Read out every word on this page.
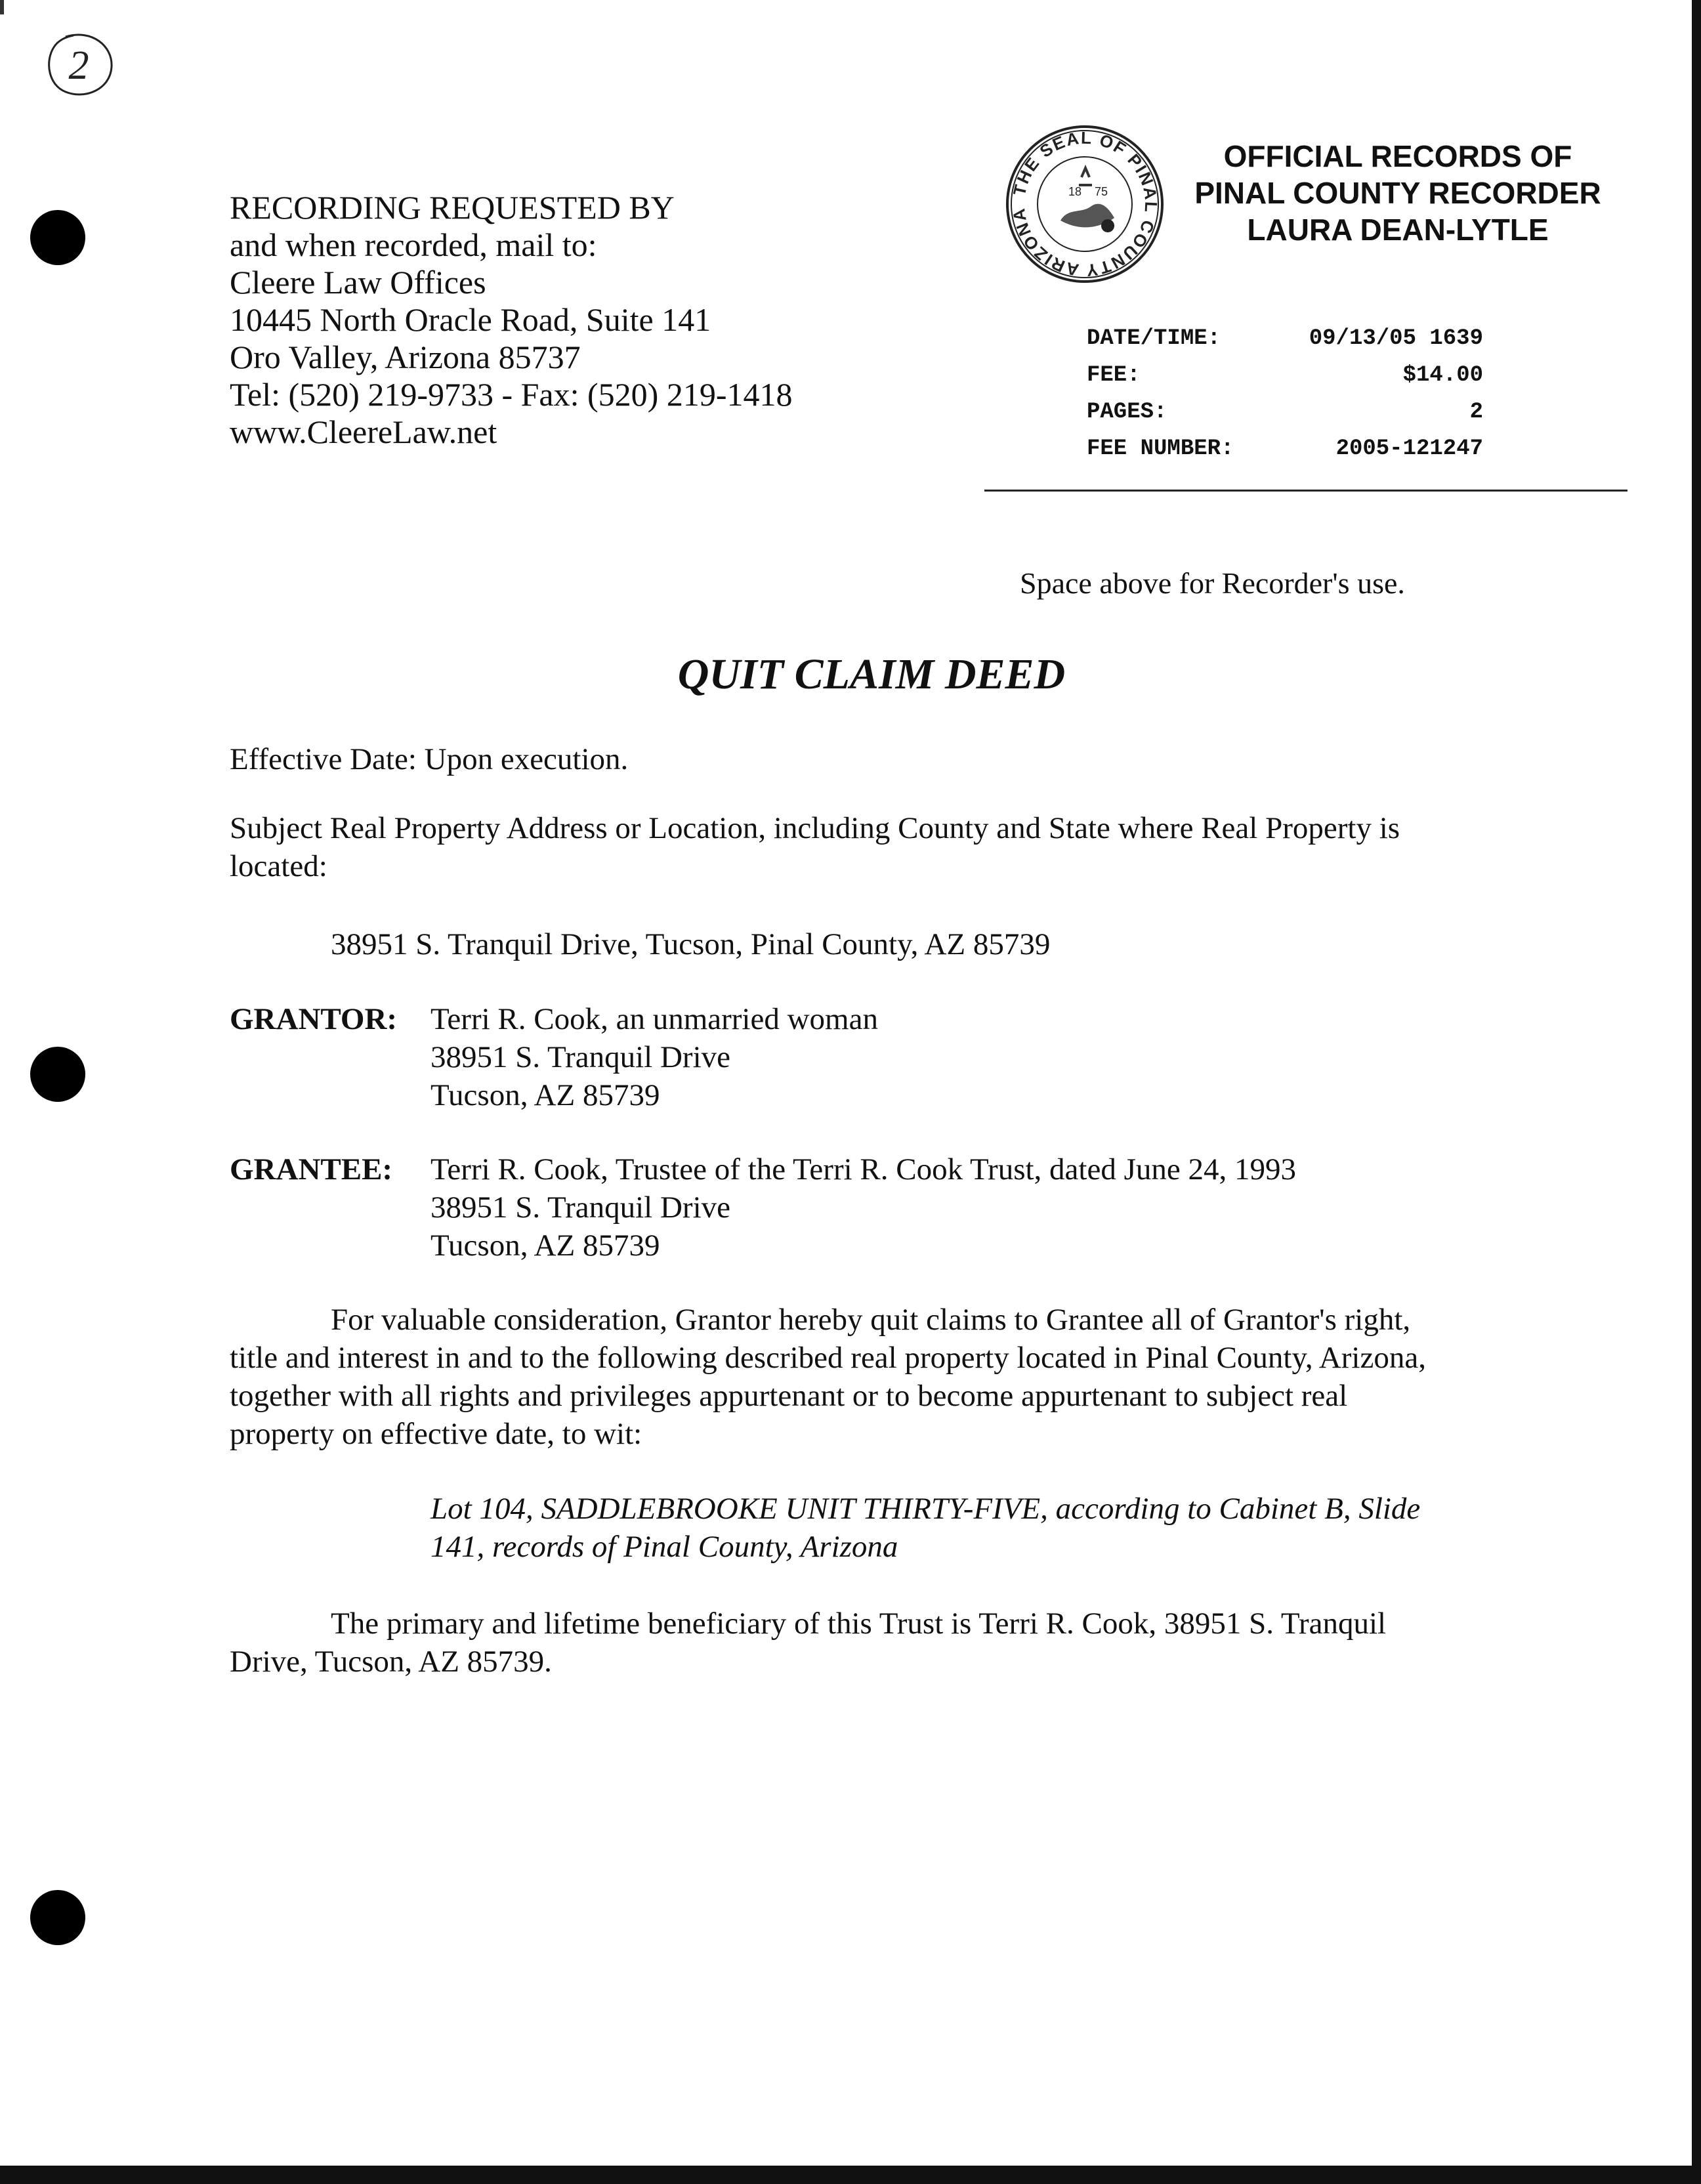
2
RECORDING REQUESTED BY
and when recorded, mail to:
Cleere Law Offices
10445 North Oracle Road, Suite 141
Oro Valley, Arizona 85737
Tel: (520) 219-9733 - Fax: (520) 219-1418
www.CleereLaw.net
THE SEAL OF PINAL COUNTY ARIZONA
18 75
OFFICIAL RECORDS OF
PINAL COUNTY RECORDER
LAURA DEAN-LYTLE
DATE/TIME:	09/13/05 1639
FEE:	$14.00
PAGES:	2
FEE NUMBER:	2005-121247
Space above for Recorder's use.
QUIT CLAIM DEED
Effective Date: Upon execution.
Subject Real Property Address or Location, including County and State where Real Property is
located:
38951 S. Tranquil Drive, Tucson, Pinal County, AZ 85739
GRANTOR: Terri R. Cook, an unmarried woman
38951 S. Tranquil Drive
Tucson, AZ 85739
GRANTEE: Terri R. Cook, Trustee of the Terri R. Cook Trust, dated June 24, 1993
38951 S. Tranquil Drive
Tucson, AZ 85739
For valuable consideration, Grantor hereby quit claims to Grantee all of Grantor's right,
title and interest in and to the following described real property located in Pinal County, Arizona,
together with all rights and privileges appurtenant or to become appurtenant to subject real
property on effective date, to wit:
Lot 104, SADDLEBROOKE UNIT THIRTY-FIVE, according to Cabinet B, Slide
141, records of Pinal County, Arizona
The primary and lifetime beneficiary of this Trust is Terri R. Cook, 38951 S. Tranquil
Drive, Tucson, AZ 85739.
